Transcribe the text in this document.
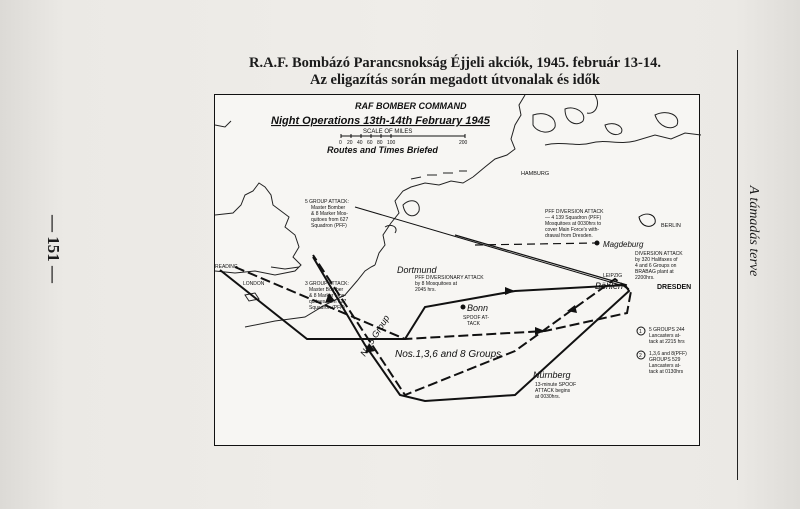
— 151 —	A támadás terve
R.A.F. Bombázó Parancsnokság Éjjeli akciók, 1945. február 13-14.
Az eligazítás során megadott útvonalak és idők
RAF BOMBER COMMAND
Night Operations 13th-14th February 1945
SCALE OF MILES
0 20 40 60 80 100	200
Routes and Times Briefed
HAMBURG
BERLIN
Magdeburg
READING
LONDON
Dortmund
Bonn
SPOOF AT-
TACK
LEIPZIG
Böhlen	DRESDEN
Nürnberg
13-minute SPOOF
ATTACK begins
at 0030hrs.
5 GROUP ATTACK:
Master Bomber
& 8 Marker Mos-
quitoes from 627
Squadron (PFF)
3 GROUP ATTACK:
Master Bomber
& 8 Marker Mos-
quitoes from 627
Squadron (PFF)
PFF DIVERSION ATTACK
— 4 139 Squadron (PFF)
Mosquitoes at 0030hrs to
cover Main Force's with-
drawal from Dresden.
PFF DIVERSIONARY ATTACK
by 8 Mosquitoes at
2045 hrs.
DIVERSION ATTACK
by 320 Halifaxes of
4 and 6 Groups on
BRABAG plant at
2200hrs.
1 5 GROUPS 244
Lancasters at-
tack at 2215 hrs
2 1,3,6 and 8(PFF)
GROUPS 529
Lancasters at-
tack at 0130hrs
No.5 Group Nos.1,3,6 and 8 Groups
